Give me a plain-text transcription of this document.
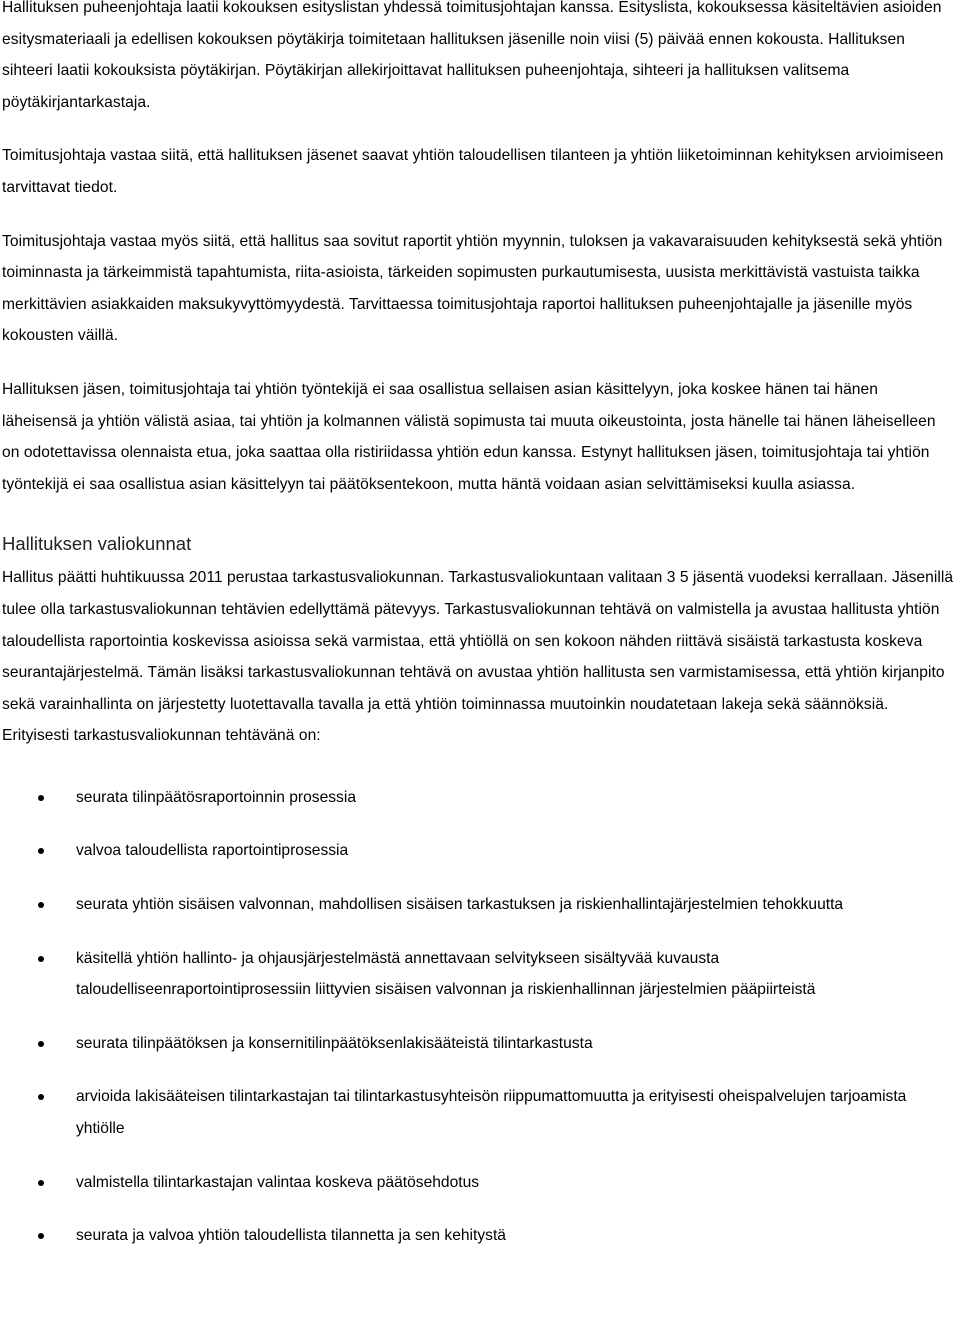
Hallituksen puheenjohtaja laatii kokouksen esityslistan yhdessä toimitusjohtajan kanssa. Esityslista, kokouksessa käsiteltävien asioiden esitysmateriaali ja edellisen kokouksen pöytäkirja toimitetaan hallituksen jäsenille noin viisi (5) päivää ennen kokousta. Hallituksen sihteeri laatii kokouksista pöytäkirjan. Pöytäkirjan allekirjoittavat hallituksen puheenjohtaja, sihteeri ja hallituksen valitsema pöytäkirjantarkastaja.

Toimitusjohtaja vastaa siitä, että hallituksen jäsenet saavat yhtiön taloudellisen tilanteen ja yhtiön liiketoiminnan kehityksen arvioimiseen tarvittavat tiedot.

Toimitusjohtaja vastaa myös siitä, että hallitus saa sovitut raportit yhtiön myynnin, tuloksen ja vakavaraisuuden kehityksestä sekä yhtiön toiminnasta ja tärkeimmistä tapahtumista, riita-asioista, tärkeiden sopimusten purkautumisesta, uusista merkittävistä vastuista taikka merkittävien asiakkaiden maksukyvyttömyydestä. Tarvittaessa toimitusjohtaja raportoi hallituksen puheenjohtajalle ja jäsenille myös kokousten väillä.

Hallituksen jäsen, toimitusjohtaja tai yhtiön työntekijä ei saa osallistua sellaisen asian käsittelyyn, joka koskee hänen tai hänen läheisensä ja yhtiön välistä asiaa, tai yhtiön ja kolmannen välistä sopimusta tai muuta oikeustointa, josta hänelle tai hänen läheiselleen on odotettavissa olennaista etua, joka saattaa olla ristiriidassa yhtiön edun kanssa. Estynyt hallituksen jäsen, toimitusjohtaja tai yhtiön työntekijä ei saa osallistua asian käsittelyyn tai päätöksentekoon, mutta häntä voidaan asian selvittämiseksi kuulla asiassa.

Hallituksen valiokunnat

Hallitus päätti huhtikuussa 2011 perustaa tarkastusvaliokunnan. Tarkastusvaliokuntaan valitaan 3 5 jäsentä vuodeksi kerrallaan. Jäsenillä tulee olla tarkastusvaliokunnan tehtävien edellyttämä pätevyys. Tarkastusvaliokunnan tehtävä on valmistella ja avustaa hallitusta yhtiön taloudellista raportointia koskevissa asioissa sekä varmistaa, että yhtiöllä on sen kokoon nähden riittävä sisäistä tarkastusta koskeva seurantajärjestelmä. Tämän lisäksi tarkastusvaliokunnan tehtävä on avustaa yhtiön hallitusta sen varmistamisessa, että yhtiön kirjanpito sekä varainhallinta on järjestetty luotettavalla tavalla ja että yhtiön toiminnassa muutoinkin noudatetaan lakeja sekä säännöksiä. Erityisesti tarkastusvaliokunnan tehtävänä on:

seurata tilinpäätösraportoinnin prosessia
valvoa taloudellista raportointiprosessia
seurata yhtiön sisäisen valvonnan, mahdollisen sisäisen tarkastuksen ja riskienhallintajärjestelmien tehokkuutta
käsitellä yhtiön hallinto- ja ohjausjärjestelmästä annettavaan selvitykseen sisältyvää kuvausta taloudelliseenraportointiprosessiin liittyvien sisäisen valvonnan ja riskienhallinnan järjestelmien pääpiirteistä
seurata tilinpäätöksen ja konsernitilinpäätöksenlakisääteistä tilintarkastusta
arvioida lakisääteisen tilintarkastajan tai tilintarkastusyhteisön riippumattomuutta ja erityisesti oheispalvelujen tarjoamista yhtiölle
valmistella tilintarkastajan valintaa koskeva päätösehdotus
seurata ja valvoa yhtiön taloudellista tilannetta ja sen kehitystä
